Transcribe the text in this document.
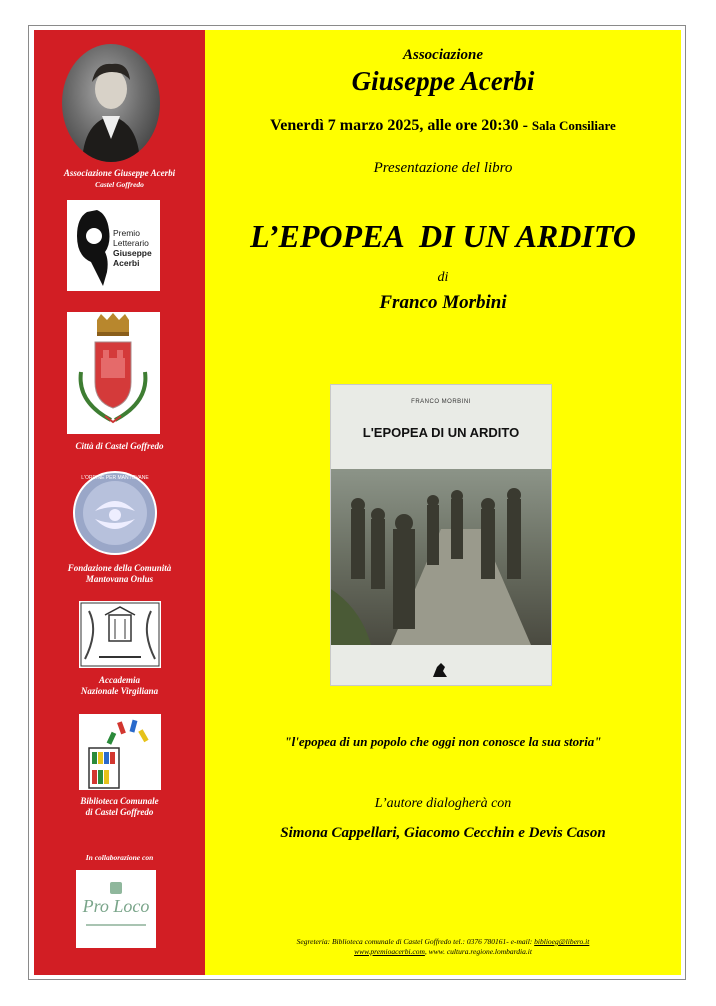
Associazione Giuseppe Acerbi
Castel Goffredo
Premio
Letterario
Giuseppe
Acerbi
Città di Castel Goffredo
L'ORDINE PER MANTOVANE
Fondazione della Comunità
Mantovana Onlus
Accademia
Nazionale Virgiliana
Biblioteca Comunale
di Castel Goffredo
In collaborazione con
Pro Loco
Associazione
Giuseppe Acerbi
Venerdì 7 marzo 2025, alle ore 20:30 - Sala Consiliare
Presentazione del libro
L’EPOPEA  DI UN ARDITO
di
Franco Morbini
FRANCO MORBINI
L'EPOPEA DI UN ARDITO
"l'epopea di un popolo che oggi non conosce la sua storia"
L’autore dialogherà con
Simona Cappellari, Giacomo Cecchin e Devis Cason
Segreteria: Biblioteca comunale di Castel Goffredo tel.: 0376 780161- e-mail: biblioeg@libero.it
www.premioacerbi.com, www. cultura.regione.lombardia.it
